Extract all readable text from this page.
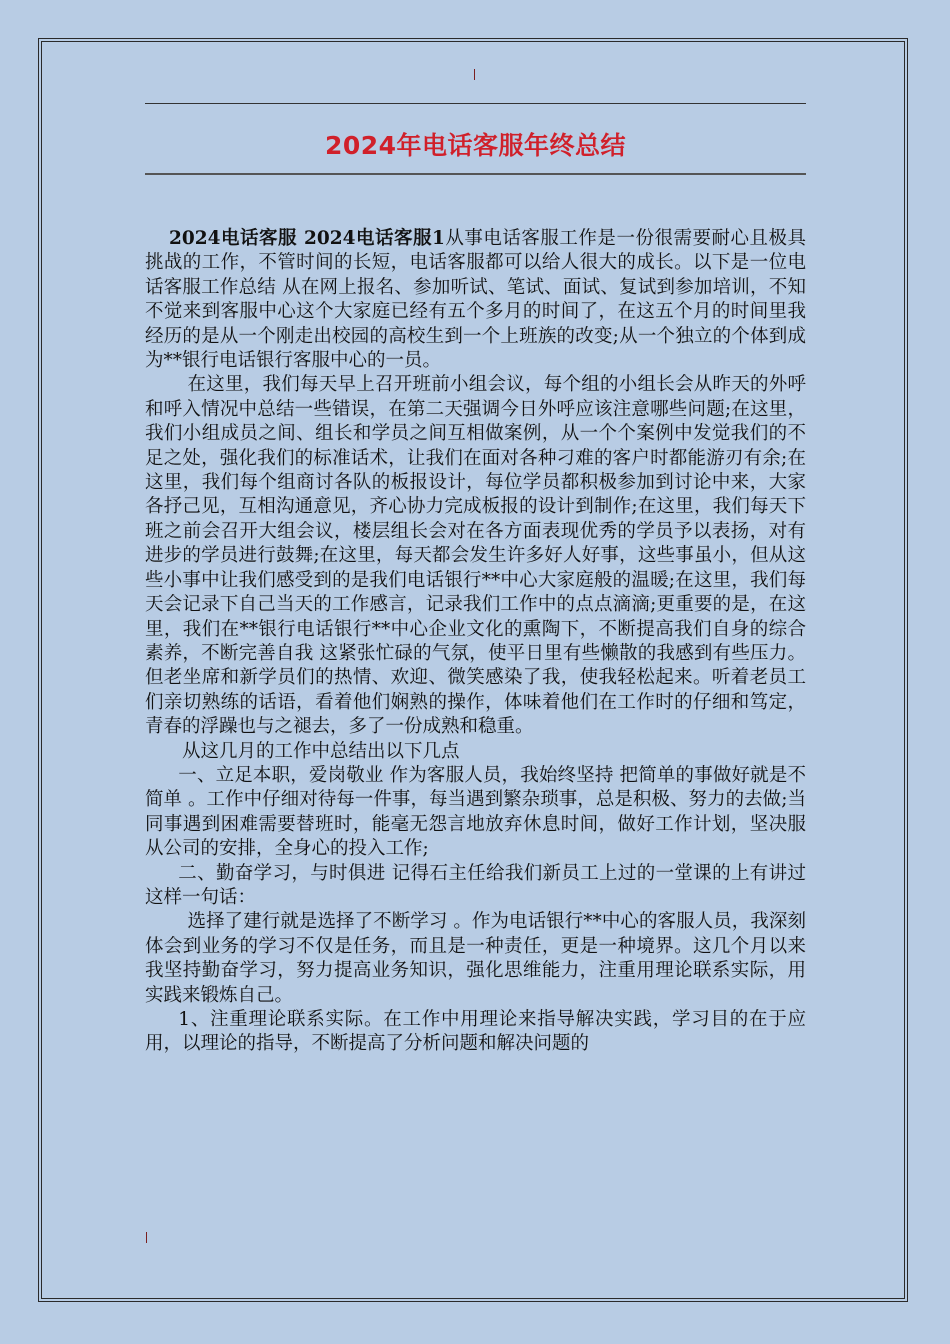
2024年电话客服年终总结

2024电话客服 2024电话客服1从事电话客服工作是一份很需要耐心且极具挑战的工作，不管时间的长短，电话客服都可以给人很大的成长。以下是一位电话客服工作总结 从在网上报名、参加听试、笔试、面试、复试到参加培训，不知不觉来到客服中心这个大家庭已经有五个多月的时间了，在这五个月的时间里我经历的是从一个刚走出校园的高校生到一个上班族的改变;从一个独立的个体到成为**银行电话银行客服中心的一员。

在这里，我们每天早上召开班前小组会议，每个组的小组长会从昨天的外呼和呼入情况中总结一些错误，在第二天强调今日外呼应该注意哪些问题;在这里，我们小组成员之间、组长和学员之间互相做案例，从一个个案例中发觉我们的不足之处，强化我们的标准话术，让我们在面对各种刁难的客户时都能游刃有余;在这里，我们每个组商讨各队的板报设计，每位学员都积极参加到讨论中来，大家各抒己见，互相沟通意见，齐心协力完成板报的设计到制作;在这里，我们每天下班之前会召开大组会议，楼层组长会对在各方面表现优秀的学员予以表扬，对有进步的学员进行鼓舞;在这里，每天都会发生许多好人好事，这些事虽小，但从这些小事中让我们感受到的是我们电话银行**中心大家庭般的温暖;在这里，我们每天会记录下自己当天的工作感言，记录我们工作中的点点滴滴;更重要的是，在这里，我们在**银行电话银行**中心企业文化的熏陶下，不断提高我们自身的综合素养，不断完善自我 这紧张忙碌的气氛，使平日里有些懒散的我感到有些压力。但老坐席和新学员们的热情、欢迎、微笑感染了我，使我轻松起来。听着老员工们亲切熟练的话语，看着他们娴熟的操作，体味着他们在工作时的仔细和笃定，青春的浮躁也与之褪去，多了一份成熟和稳重。

从这几月的工作中总结出以下几点

一、立足本职，爱岗敬业 作为客服人员，我始终坚持 把简单的事做好就是不简单 。工作中仔细对待每一件事，每当遇到繁杂琐事，总是积极、努力的去做;当同事遇到困难需要替班时，能毫无怨言地放弃休息时间，做好工作计划，坚决服从公司的安排，全身心的投入工作;

二、勤奋学习，与时俱进 记得石主任给我们新员工上过的一堂课的上有讲过这样一句话：

选择了建行就是选择了不断学习 。作为电话银行**中心的客服人员，我深刻体会到业务的学习不仅是任务，而且是一种责任，更是一种境界。这几个月以来我坚持勤奋学习，努力提高业务知识，强化思维能力，注重用理论联系实际，用实践来锻炼自己。

1、注重理论联系实际。在工作中用理论来指导解决实践，学习目的在于应用，以理论的指导，不断提高了分析问题和解决问题的
